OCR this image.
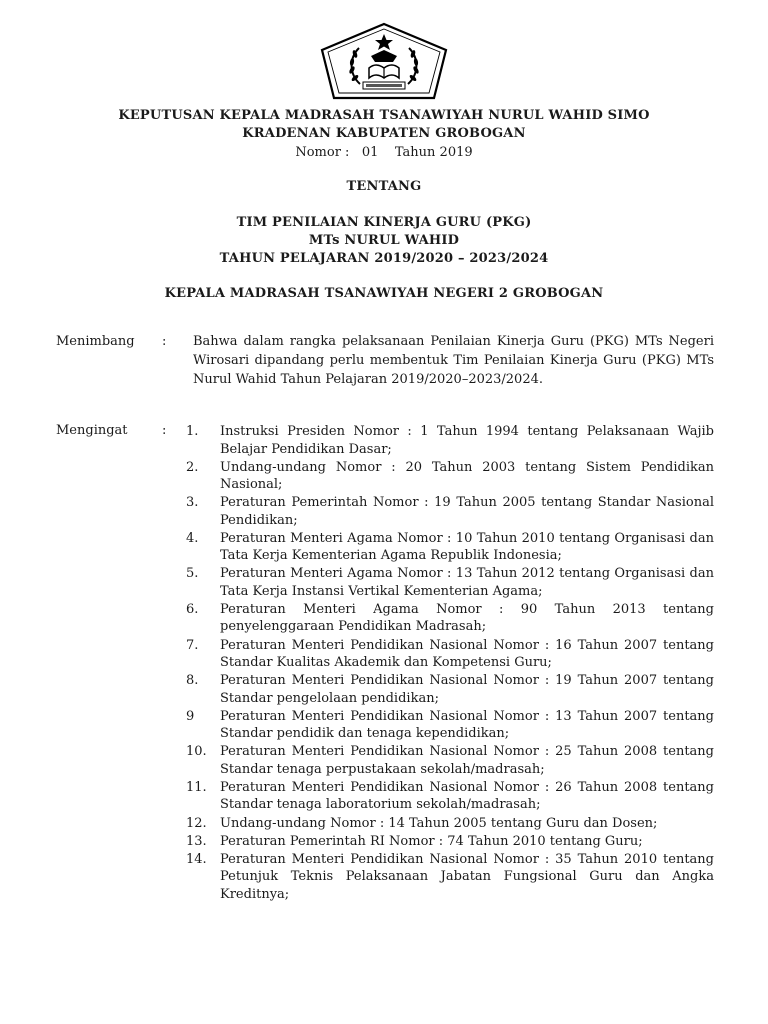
KEPUTUSAN KEPALA MADRASAH TSANAWIYAH NURUL WAHID SIMO
KRADENAN KABUPATEN GROBOGAN
Nomor :   01    Tahun 2019
TENTANG
TIM PENILAIAN KINERJA GURU (PKG)
MTs NURUL WAHID
TAHUN PELAJARAN 2019/2020 – 2023/2024
KEPALA MADRASAH TSANAWIYAH NEGERI 2 GROBOGAN
Menimbang : Bahwa dalam rangka pelaksanaan Penilaian Kinerja Guru (PKG) MTs Negeri Wirosari dipandang perlu membentuk Tim Penilaian Kinerja Guru (PKG) MTs Nurul Wahid Tahun Pelajaran 2019/2020–2023/2024.
Mengingat	: 1.	Instruksi Presiden Nomor : 1 Tahun 1994 tentang Pelaksanaan Wajib Belajar Pendidikan Dasar;
2.	Undang-undang Nomor : 20 Tahun 2003 tentang Sistem Pendidikan Nasional;
3.	Peraturan Pemerintah Nomor : 19 Tahun 2005 tentang Standar Nasional Pendidikan;
4.	Peraturan Menteri Agama Nomor : 10 Tahun 2010 tentang Organisasi dan Tata Kerja Kementerian Agama Republik Indonesia;
5.	Peraturan Menteri Agama Nomor : 13 Tahun 2012 tentang Organisasi dan Tata Kerja Instansi Vertikal Kementerian Agama;
6.	Peraturan Menteri Agama Nomor : 90 Tahun 2013 tentang penyelenggaraan Pendidikan Madrasah;
7.	Peraturan Menteri Pendidikan Nasional Nomor : 16 Tahun 2007 tentang Standar Kualitas Akademik dan Kompetensi Guru;
8.	Peraturan Menteri Pendidikan Nasional Nomor : 19 Tahun 2007 tentang Standar pengelolaan pendidikan;
9	Peraturan Menteri Pendidikan Nasional Nomor : 13 Tahun 2007 tentang Standar pendidik dan tenaga kependidikan;
10.	Peraturan Menteri Pendidikan Nasional Nomor : 25 Tahun 2008 tentang Standar tenaga perpustakaan sekolah/madrasah;
11.	Peraturan Menteri Pendidikan Nasional Nomor : 26 Tahun 2008 tentang Standar tenaga laboratorium sekolah/madrasah;
12.	Undang-undang Nomor : 14 Tahun 2005 tentang Guru dan Dosen;
13.	Peraturan Pemerintah RI Nomor : 74 Tahun 2010 tentang Guru;
14.	Peraturan Menteri Pendidikan Nasional Nomor : 35 Tahun 2010 tentang Petunjuk Teknis Pelaksanaan Jabatan Fungsional Guru dan Angka Kreditnya;
